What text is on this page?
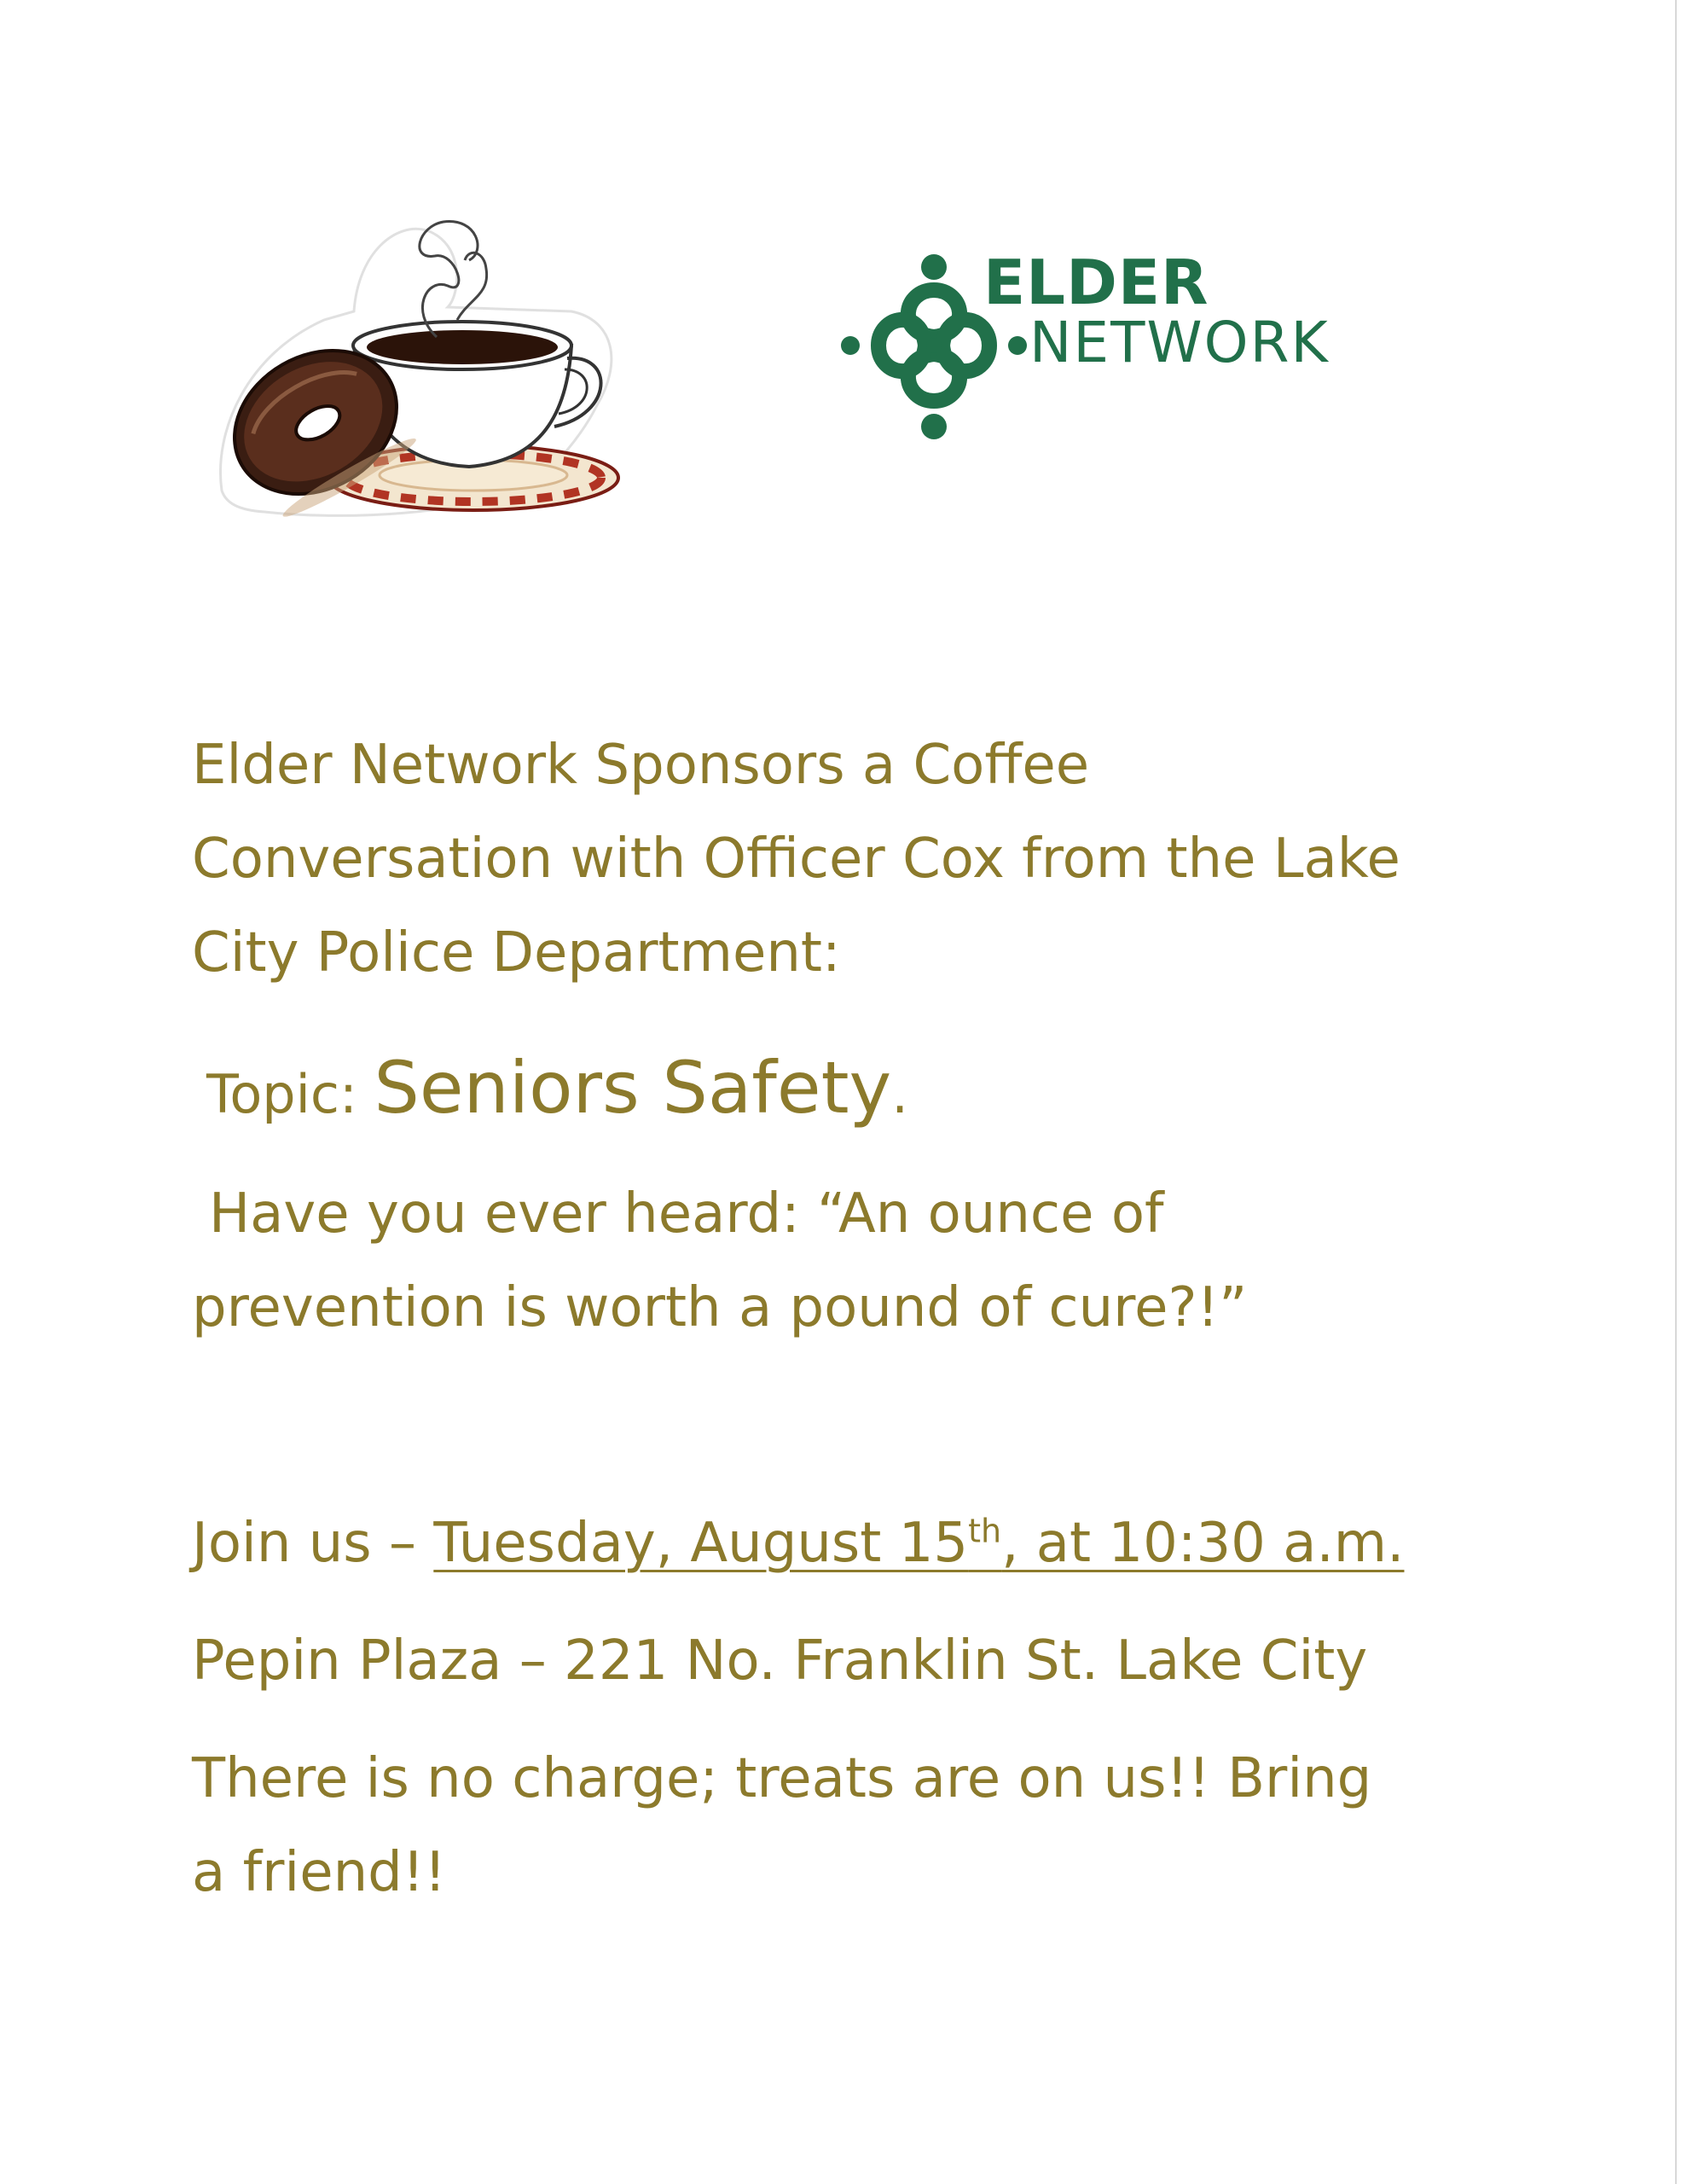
ELDER
NETWORK
Elder Network Sponsors a Coffee
Conversation with Officer Cox from the Lake
City Police Department:
Topic: Seniors Safety.
Have you ever heard: “An ounce of
prevention is worth a pound of cure?!”
Join us – Tuesday, August 15th, at 10:30 a.m.
Pepin Plaza – 221 No. Franklin St. Lake City
There is no charge; treats are on us!! Bring
a friend!!
